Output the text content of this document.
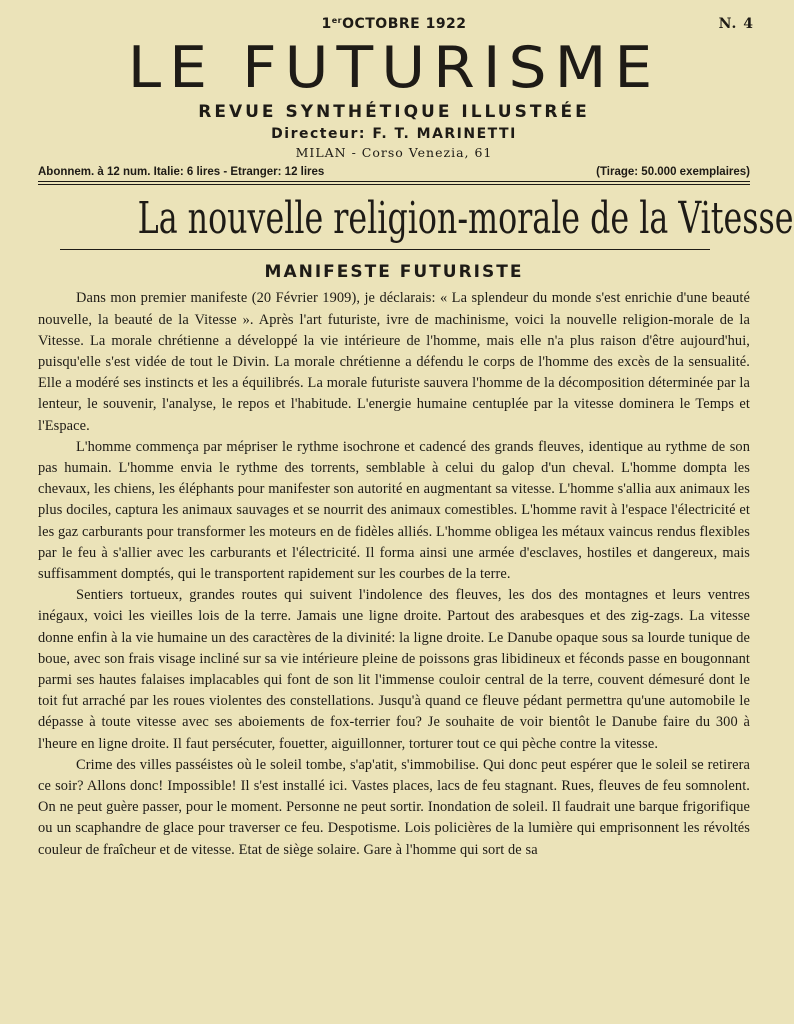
1erOCTOBRE 1922	N. 4
LE FUTURISME
REVUE SYNTHÉTIQUE ILLUSTRÉE
Directeur: F. T. MARINETTI
MILAN - Corso Venezia, 61
Abonnem. à 12 num. Italie: 6 lires - Etranger: 12 lires	(Tirage: 50.000 exemplaires)
La nouvelle religion-morale de la Vitesse
MANIFESTE FUTURISTE

Dans mon premier manifeste (20 Février 1909), je déclarais: « La splendeur du monde s'est enrichie d'une beauté nouvelle, la beauté de la Vitesse ». Après l'art futuriste, ivre de machinisme, voici la nouvelle religion-morale de la Vitesse. La morale chrétienne a développé la vie intérieure de l'homme, mais elle n'a plus raison d'être aujourd'hui, puisqu'elle s'est vidée de tout le Divin. La morale chrétienne a défendu le corps de l'homme des excès de la sensualité. Elle a modéré ses instincts et les a équilibrés. La morale futuriste sauvera l'homme de la décomposition déterminée par la lenteur, le souvenir, l'analyse, le repos et l'habitude. L'energie humaine centuplée par la vitesse dominera le Temps et l'Espace.

L'homme commença par mépriser le rythme isochrone et cadencé des grands fleuves, identique au rythme de son pas humain. L'homme envia le rythme des torrents, semblable à celui du galop d'un cheval. L'homme dompta les chevaux, les chiens, les éléphants pour manifester son autorité en augmentant sa vitesse. L'homme s'allia aux animaux les plus dociles, captura les animaux sauvages et se nourrit des animaux comestibles. L'homme ravit à l'espace l'électricité et les gaz carburants pour transformer les moteurs en de fidèles alliés. L'homme obligea les métaux vaincus rendus flexibles par le feu à s'allier avec les carburants et l'électricité. Il forma ainsi une armée d'esclaves, hostiles et dangereux, mais suffisamment domptés, qui le transportent rapidement sur les courbes de la terre.

Sentiers tortueux, grandes routes qui suivent l'indolence des fleuves, les dos des montagnes et leurs ventres inégaux, voici les vieilles lois de la terre. Jamais une ligne droite. Partout des arabesques et des zig-zags. La vitesse donne enfin à la vie humaine un des caractères de la divinité: la ligne droite. Le Danube opaque sous sa lourde tunique de boue, avec son frais visage incliné sur sa vie intérieure pleine de poissons gras libidineux et féconds passe en bougonnant parmi ses hautes falaises implacables qui font de son lit l'immense couloir central de la terre, couvent démesuré dont le toit fut arraché par les roues violentes des constellations. Jusqu'à quand ce fleuve pédant permettra qu'une automobile le dépasse à toute vitesse avec ses aboiements de fox-terrier fou? Je souhaite de voir bientôt le Danube faire du 300 à l'heure en ligne droite. Il faut persécuter, fouetter, aiguillonner, torturer tout ce qui pèche contre la vitesse.

Crime des villes passéistes où le soleil tombe, s'ap'atit, s'immobilise. Qui donc peut espérer que le soleil se retirera ce soir? Allons donc! Impossible! Il s'est installé ici. Vastes places, lacs de feu stagnant. Rues, fleuves de feu somnolent. On ne peut guère passer, pour le moment. Personne ne peut sortir. Inondation de soleil. Il faudrait une barque frigorifique ou un scaphandre de glace pour traverser ce feu. Despotisme. Lois policières de la lumière qui emprisonnent les révoltés couleur de fraîcheur et de vitesse. Etat de siège solaire. Gare à l'homme qui sort de sa
